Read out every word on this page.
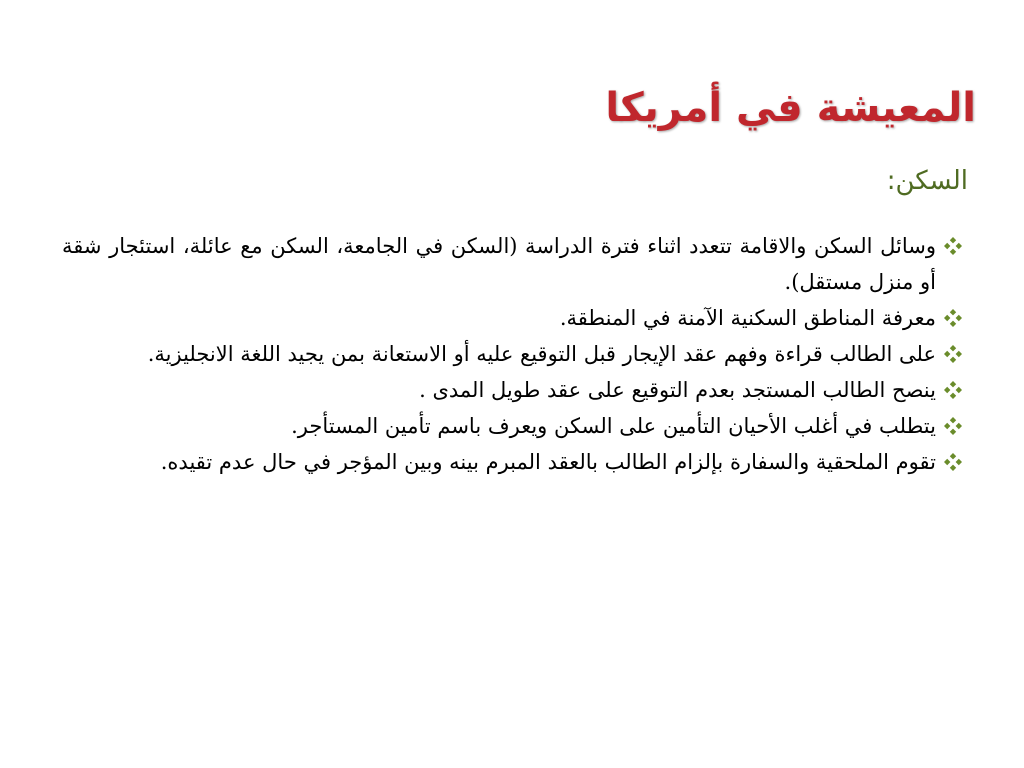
المعيشة في أمريكا
السكن:
وسائل السكن والاقامة تتعدد اثناء فترة الدراسة (السكن في الجامعة، السكن مع عائلة، استئجار شقة أو منزل مستقل).
معرفة المناطق السكنية الآمنة في المنطقة.
على الطالب قراءة وفهم عقد الإيجار قبل التوقيع عليه أو الاستعانة بمن يجيد اللغة الانجليزية.
ينصح الطالب المستجد بعدم التوقيع على عقد طويل المدى .
يتطلب في أغلب الأحيان التأمين على السكن ويعرف باسم تأمين المستأجر.
تقوم الملحقية والسفارة بإلزام الطالب بالعقد المبرم بينه وبين المؤجر في حال عدم تقيده.
